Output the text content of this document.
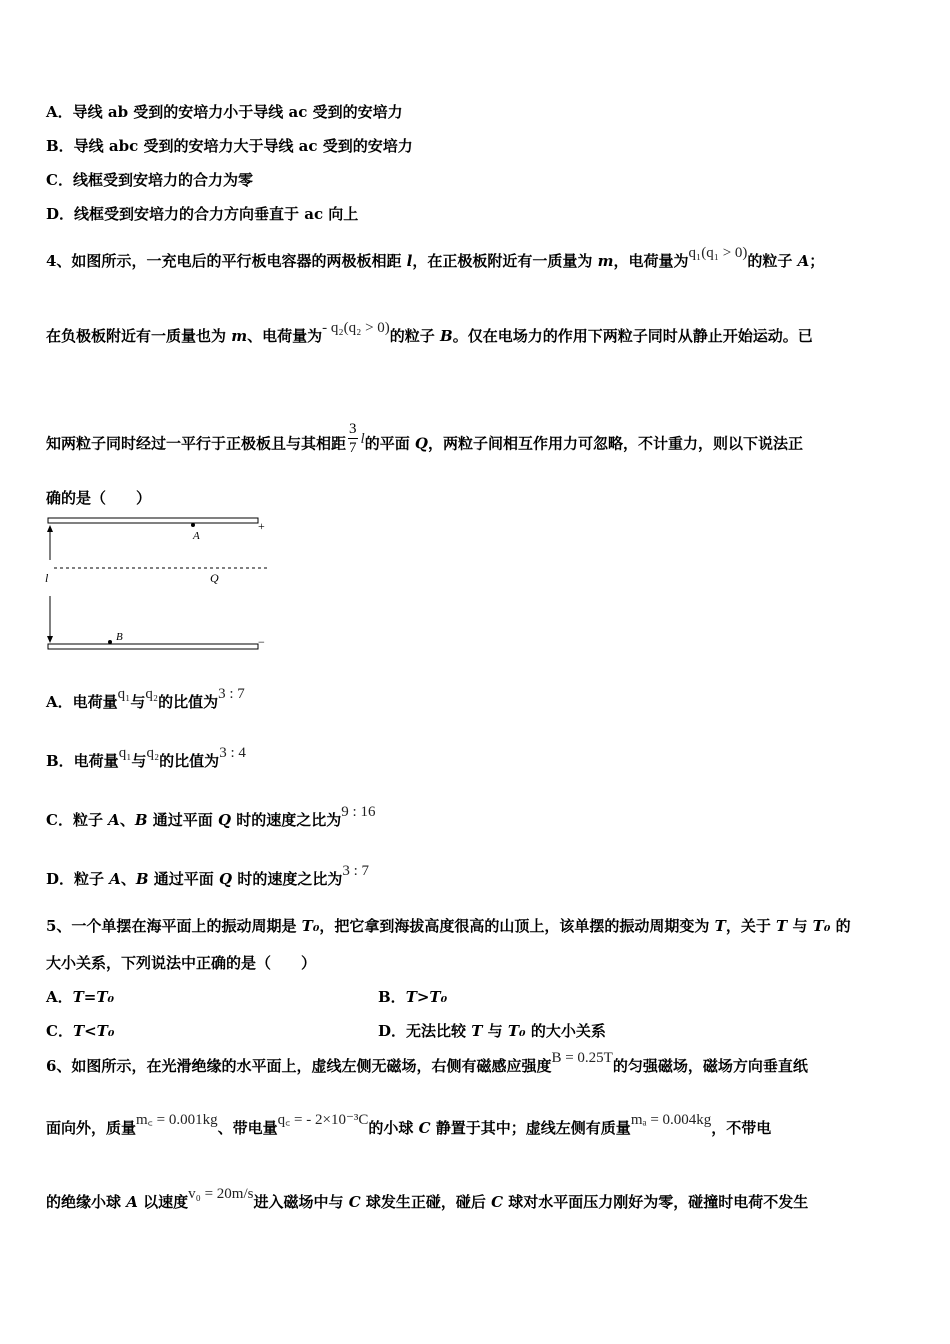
A．导线 ab 受到的安培力小于导线 ac 受到的安培力
B．导线 abc 受到的安培力大于导线 ac 受到的安培力
C．线框受到安培力的合力为零
D．线框受到安培力的合力方向垂直于 ac 向上
4、如图所示，一充电后的平行板电容器的两极板相距 l，在正极板附近有一质量为 m，电荷量为q₁(q₁ > 0)的粒子 A；
在负极板附近有一质量也为 m、电荷量为- q₂(q₂ > 0)的粒子 B。仅在电场力的作用下两粒子同时从静止开始运动。已
知两粒子同时经过一平行于正极板且与其相距 $\frac{3}{7}$ l的平面 Q，两粒子间相互作用力可忽略，不计重力，则以下说法正
确的是（　　）
+
A
Q
l
−
B
A．电荷量q₁与q₂的比值为3 : 7
B．电荷量q₁与q₂的比值为3 : 4
C．粒子 A、B 通过平面 Q 时的速度之比为9 : 16
D．粒子 A、B 通过平面 Q 时的速度之比为3 : 7
5、一个单摆在海平面上的振动周期是 T₀，把它拿到海拔高度很高的山顶上，该单摆的振动周期变为 T，关于 T 与 T₀ 的
大小关系，下列说法中正确的是（　　）
A．T=T₀	B．T>T₀
C．T<T₀	D．无法比较 T 与 T₀ 的大小关系
6、如图所示，在光滑绝缘的水平面上，虚线左侧无磁场，右侧有磁感应强度B = 0.25T的匀强磁场，磁场方向垂直纸
面向外，质量m꜀ = 0.001kg、带电量q꜀ = - 2×10⁻³C的小球 C 静置于其中；虚线左侧有质量mₐ = 0.004kg，不带电
的绝缘小球 A 以速度v₀ = 20m/s进入磁场中与 C 球发生正碰，碰后 C 球对水平面压力刚好为零，碰撞时电荷不发生
